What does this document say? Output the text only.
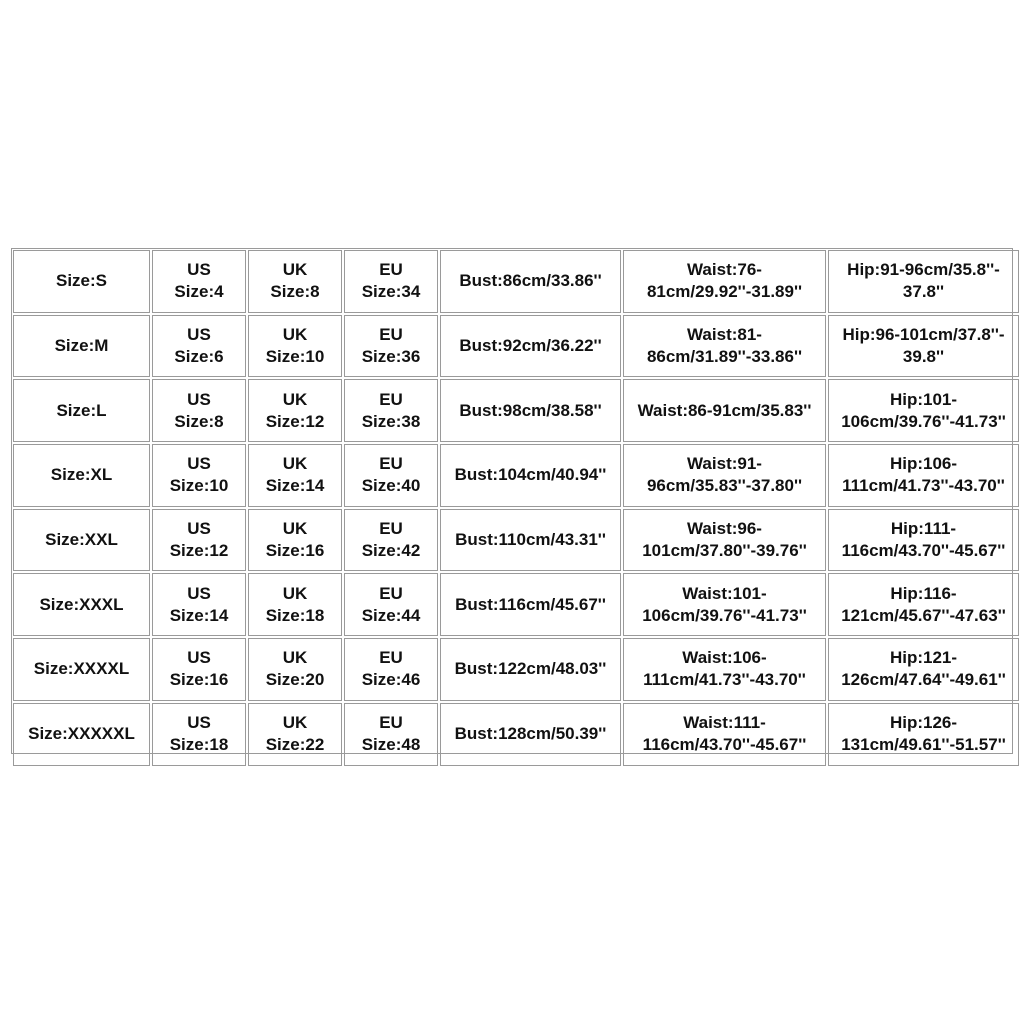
Size:S
US
Size:4
UK
Size:8
EU
Size:34
Bust:86cm/33.86''
Waist:76-
81cm/29.92''-31.89''
Hip:91-96cm/35.8''-
37.8''
Size:M
US
Size:6
UK
Size:10
EU
Size:36
Bust:92cm/36.22''
Waist:81-
86cm/31.89''-33.86''
Hip:96-101cm/37.8''-
39.8''
Size:L
US
Size:8
UK
Size:12
EU
Size:38
Bust:98cm/38.58'' Waist:86-91cm/35.83''
Hip:101-
106cm/39.76''-41.73''
Size:XL
US
Size:10
UK
Size:14
EU
Size:40
Bust:104cm/40.94''
Waist:91-
96cm/35.83''-37.80''
Hip:106-
111cm/41.73''-43.70''
Size:XXL
US
Size:12
UK
Size:16
EU
Size:42
Bust:110cm/43.31''
Waist:96-
101cm/37.80''-39.76''
Hip:111-
116cm/43.70''-45.67''
Size:XXXL
US
Size:14
UK
Size:18
EU
Size:44
Bust:116cm/45.67''
Waist:101-
106cm/39.76''-41.73''
Hip:116-
121cm/45.67''-47.63''
Size:XXXXL
US
Size:16
UK
Size:20
EU
Size:46
Bust:122cm/48.03''
Waist:106-
111cm/41.73''-43.70''
Hip:121-
126cm/47.64''-49.61''
Size:XXXXXL
US
Size:18
UK
Size:22
EU
Size:48
Bust:128cm/50.39''
Waist:111-
116cm/43.70''-45.67''
Hip:126-
131cm/49.61''-51.57''
